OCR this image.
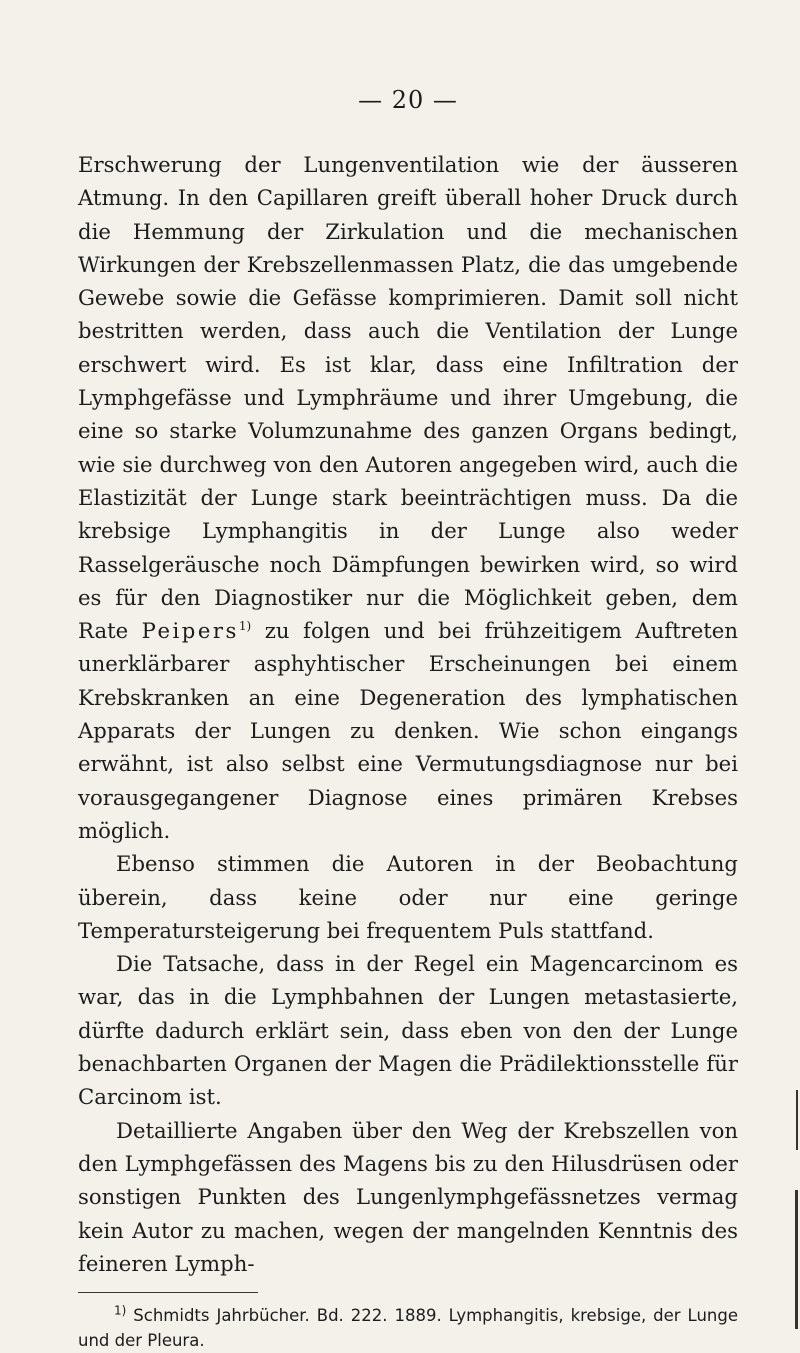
— 20 —

Erschwerung der Lungenventilation wie der äusseren Atmung. In den Capillaren greift überall hoher Druck durch die Hemmung der Zirkulation und die mechanischen Wirkungen der Krebszellenmassen Platz, die das umgebende Gewebe sowie die Gefässe komprimieren. Damit soll nicht bestritten werden, dass auch die Ventilation der Lunge erschwert wird. Es ist klar, dass eine Infiltration der Lymphgefässe und Lymphräume und ihrer Umgebung, die eine so starke Volumzunahme des ganzen Organs bedingt, wie sie durchweg von den Autoren angegeben wird, auch die Elastizität der Lunge stark beeinträchtigen muss. Da die krebsige Lymphangitis in der Lunge also weder Rasselgeräusche noch Dämpfungen bewirken wird, so wird es für den Diagnostiker nur die Möglichkeit geben, dem Rate Peipers$^{1)}$ zu folgen und bei frühzeitigem Auftreten unerklärbarer asphyhtischer Erscheinungen bei einem Krebskranken an eine Degeneration des lymphatischen Apparats der Lungen zu denken. Wie schon eingangs erwähnt, ist also selbst eine Vermutungsdiagnose nur bei vorausgegangener Diagnose eines primären Krebses möglich.

Ebenso stimmen die Autoren in der Beobachtung überein, dass keine oder nur eine geringe Temperatursteigerung bei frequentem Puls stattfand.

Die Tatsache, dass in der Regel ein Magencarcinom es war, das in die Lymphbahnen der Lungen metastasierte, dürfte dadurch erklärt sein, dass eben von den der Lunge benachbarten Organen der Magen die Prädilektionsstelle für Carcinom ist.

Detaillierte Angaben über den Weg der Krebszellen von den Lymphgefässen des Magens bis zu den Hilusdrüsen oder sonstigen Punkten des Lungenlymphgefässnetzes vermag kein Autor zu machen, wegen der mangelnden Kenntnis des feineren Lymph-

$^{1)}$ Schmidts Jahrbücher. Bd. 222. 1889. Lymphangitis, krebsige, der Lunge und der Pleura.
